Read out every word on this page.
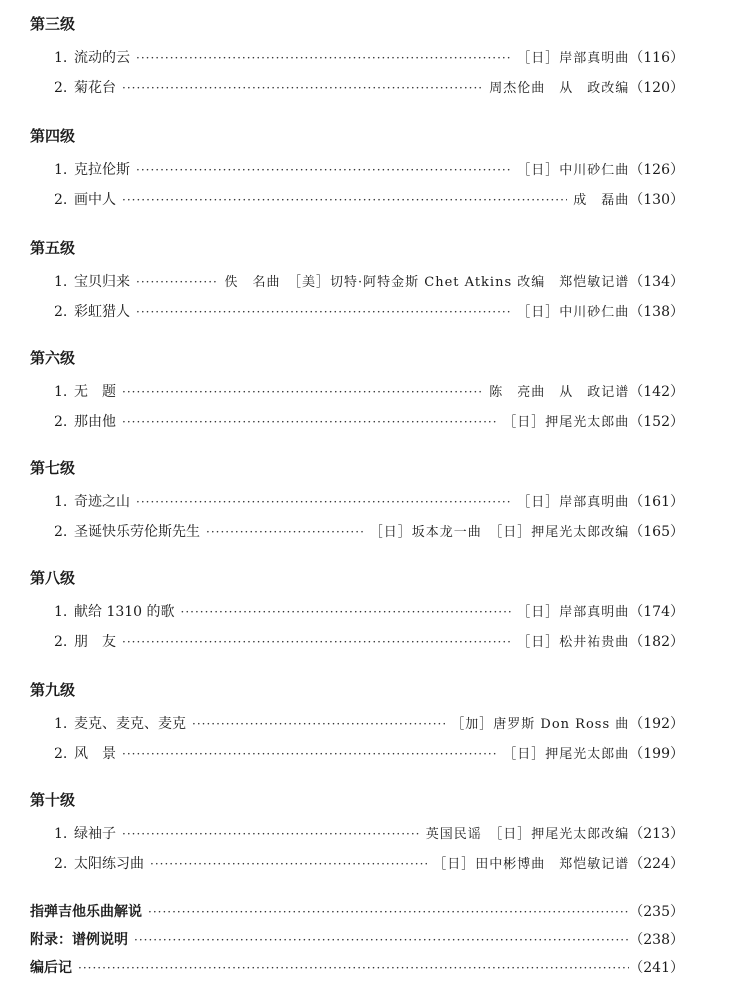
第三级
1. 流动的云 ·····	［日］岸部真明曲 （116）
2. 菊花台 ·····	周杰伦曲　从　政改编 （120）
第四级
1. 克拉伦斯 ·····	［日］中川砂仁曲 （126）
2. 画中人 ·····	成　磊曲 （130）
第五级
1. 宝贝归来 ·····	佚　名曲　［美］切特·阿特金斯 Chet Atkins 改编　郑恺敏记谱 （134）
2. 彩虹猎人 ·····	［日］中川砂仁曲 （138）
第六级
1. 无　题 ·····	陈　亮曲　从　政记谱 （142）
2. 那由他 ·····	［日］押尾光太郎曲 （152）
第七级
1. 奇迹之山 ·····	［日］岸部真明曲 （161）
2. 圣诞快乐劳伦斯先生 ·····	［日］坂本龙一曲　［日］押尾光太郎改编 （165）
第八级
1. 献给 1310 的歌 ·····	［日］岸部真明曲 （174）
2. 朋　友 ·····	［日］松井祐贵曲 （182）
第九级
1. 麦克、麦克、麦克 ·····	［加］唐罗斯 Don Ross 曲 （192）
2. 风　景 ·····	［日］押尾光太郎曲 （199）
第十级
1. 绿袖子 ·····	英国民谣　［日］押尾光太郎改编 （213）
2. 太阳练习曲 ·····	［日］田中彬博曲　郑恺敏记谱 （224）
指弹吉他乐曲解说 ·····	（235）
附录：谱例说明 ·····	（238）
编后记 ·····	（241）
